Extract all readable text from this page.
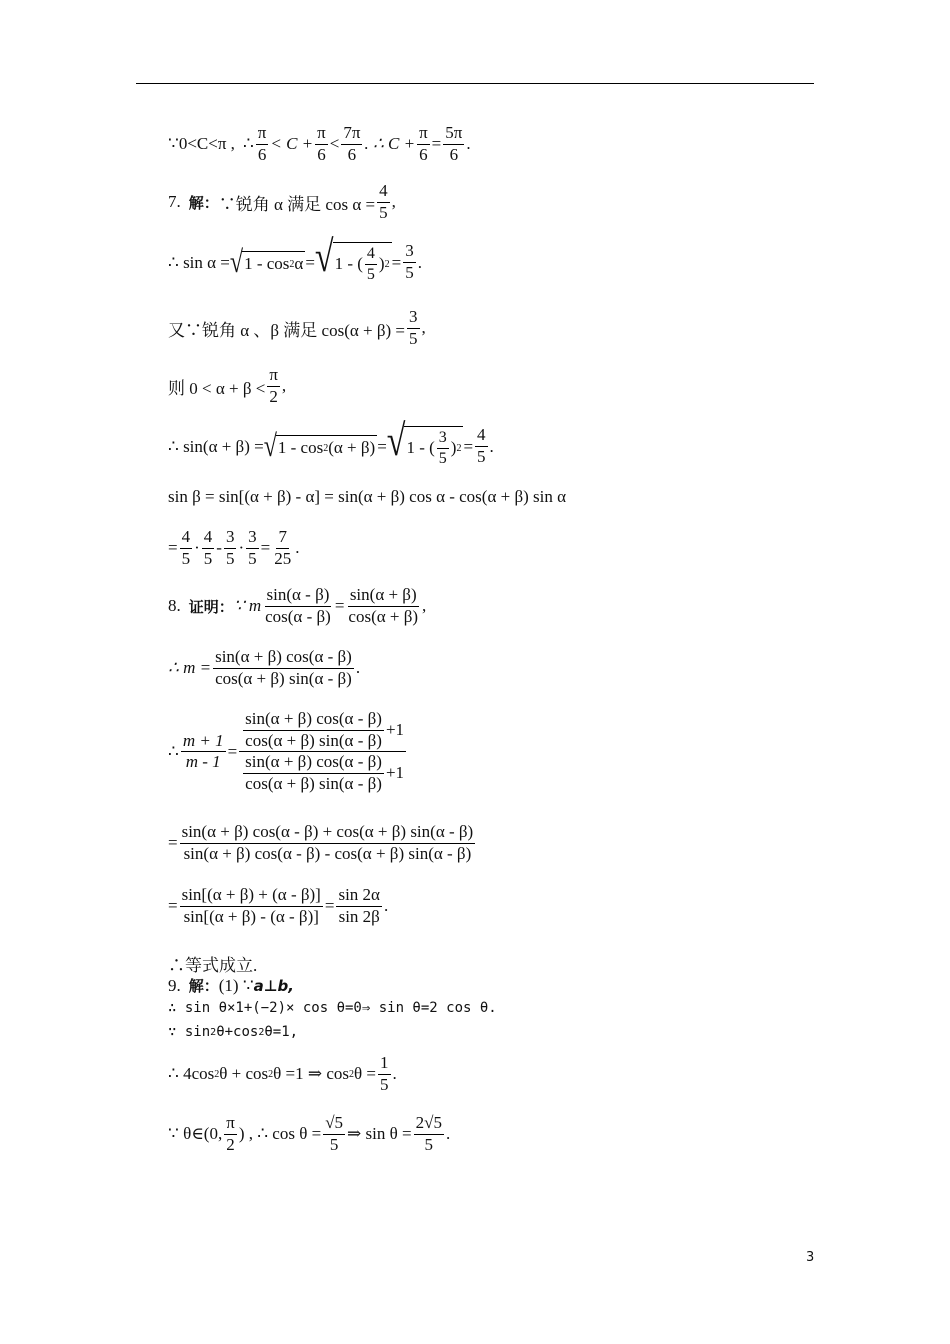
∵ 0<C<π , ∴ $\frac{\pi}{6} < C + \frac{\pi}{6} < \frac{7\pi}{6}$ . ∴ $C + \frac{\pi}{6} = \frac{5\pi}{6}$ .
7. 解： ∵锐角 α 满足 $\cos \alpha = \frac{4}{5}$ ,
∴ sin α = √ 1 - cos 2 α = √ 1 - ( $\frac{4}{5}$ ) $2 = \frac{3}{5}$ .
又∵锐角 α 、β 满足 $\cos(\alpha + \beta) = \frac{3}{5}$ ,
则 $0 < \alpha + \beta < \frac{\pi}{2}$ ,
∴ sin(α + β) = √ 1 - cos 2 (α + β) = √ 1 - ( $\frac{3}{5}$ ) $2 = \frac{4}{5}$ .
sin β = sin[(α + β) - α] = sin(α + β) cos α - cos(α + β) sin α
= $\frac{4}{5} \cdot \frac{4}{5} - \frac{3}{5} \cdot \frac{3}{5} = \frac{7}{25}$ .
8. 证明： ∵ m $\frac{\sin(\alpha - \beta)}{\cos(\alpha - \beta)} = \frac{\sin(\alpha + \beta)}{\cos(\alpha + \beta)}$ ,
∴ $m = \frac{\sin(\alpha + \beta) \cos(\alpha - \beta)}{\cos(\alpha + \beta) \sin(\alpha - \beta)}$ .
∴ $\frac{m + 1}{m - 1} = \frac{\frac{\sin(\alpha + \beta) \cos(\alpha - \beta)}{\cos(\alpha + \beta) \sin(\alpha - \beta)} +1}{\frac{\sin(\alpha + \beta) \cos(\alpha - \beta)}{\cos(\alpha + \beta) \sin(\alpha - \beta)} +1}$
= $\frac{\sin(\alpha + \beta) \cos(\alpha - \beta) + \cos(\alpha + \beta) \sin(\alpha - \beta)}{\sin(\alpha + \beta) \cos(\alpha - \beta) - \cos(\alpha + \beta) \sin(\alpha - \beta)}$
= $\frac{\sin[(\alpha + \beta) + (\alpha - \beta)]}{\sin[(\alpha + \beta) - (\alpha - \beta)]} = \frac{\sin 2\alpha}{\sin 2\beta}$ .
∴等式成立.
9. 解： (1) ∵ a⊥b,
∴ sin θ×1+(−2)× cos θ=0⇒ sin θ=2 cos θ.
∵ sin 2 θ+cos 2 θ=1,
∴ 4cos 2 θ + cos 2 θ =1 ⇒ cos 2 $\theta = \frac{1}{5}$ .
∵ θ∈(0, $\frac{\pi}{2}$ ) , ∴ $\cos \theta = \frac{√5}{5}$ ⇒ $\sin \theta = \frac{2√5}{5}$ .
3
